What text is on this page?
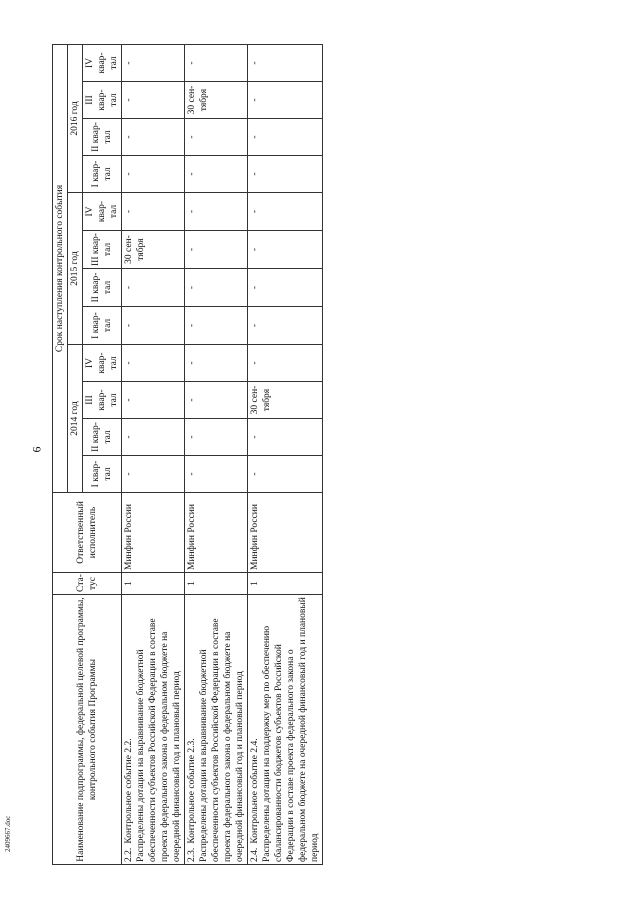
6
Наименование подпрограммы, федеральной целевой программы, контрольного события Программы	Ста-тус	Ответственный исполнитель	Срок наступления контрольного события											
			2014 год				2015 год				2016 год			
			I квар-тал	II квар-тал	III квар-тал	IV квар-тал	I квар-тал	II квар-тал	III квар-тал	IV квар-тал	I квар-тал	II квар-тал	III квар-тал	IV квар-тал
2.2. Контрольное событие 2.2. Распределены дотации на выравнивание бюджетной обеспеченности субъектов Российской Федерации в составе проекта федерального закона о федеральном бюджете на очередной финансовый год и плановый период	1	Минфин России	-	-	-	-	-	-	30 сен-тября	-	-	-	-	-
2.3. Контрольное событие 2.3. Распределены дотации на выравнивание бюджетной обеспеченности субъектов Российской Федерации в составе проекта федерального закона о федеральном бюджете на очередной финансовый год и плановый период	1	Минфин России	-	-	-	-	-	-	-	-	-	-	30 сен-тября	-
2.4. Контрольное событие 2.4. Распределены дотации на поддержку мер по обеспечению сбалансированности бюджетов субъектов Российской Федерации в составе проекта федерального закона о федеральном бюджете на очередной финансовый год и плановый период	1	Минфин России	-	-	30 сен-тября	-	-	-	-	-	-	-	-	-
2409667.doc
